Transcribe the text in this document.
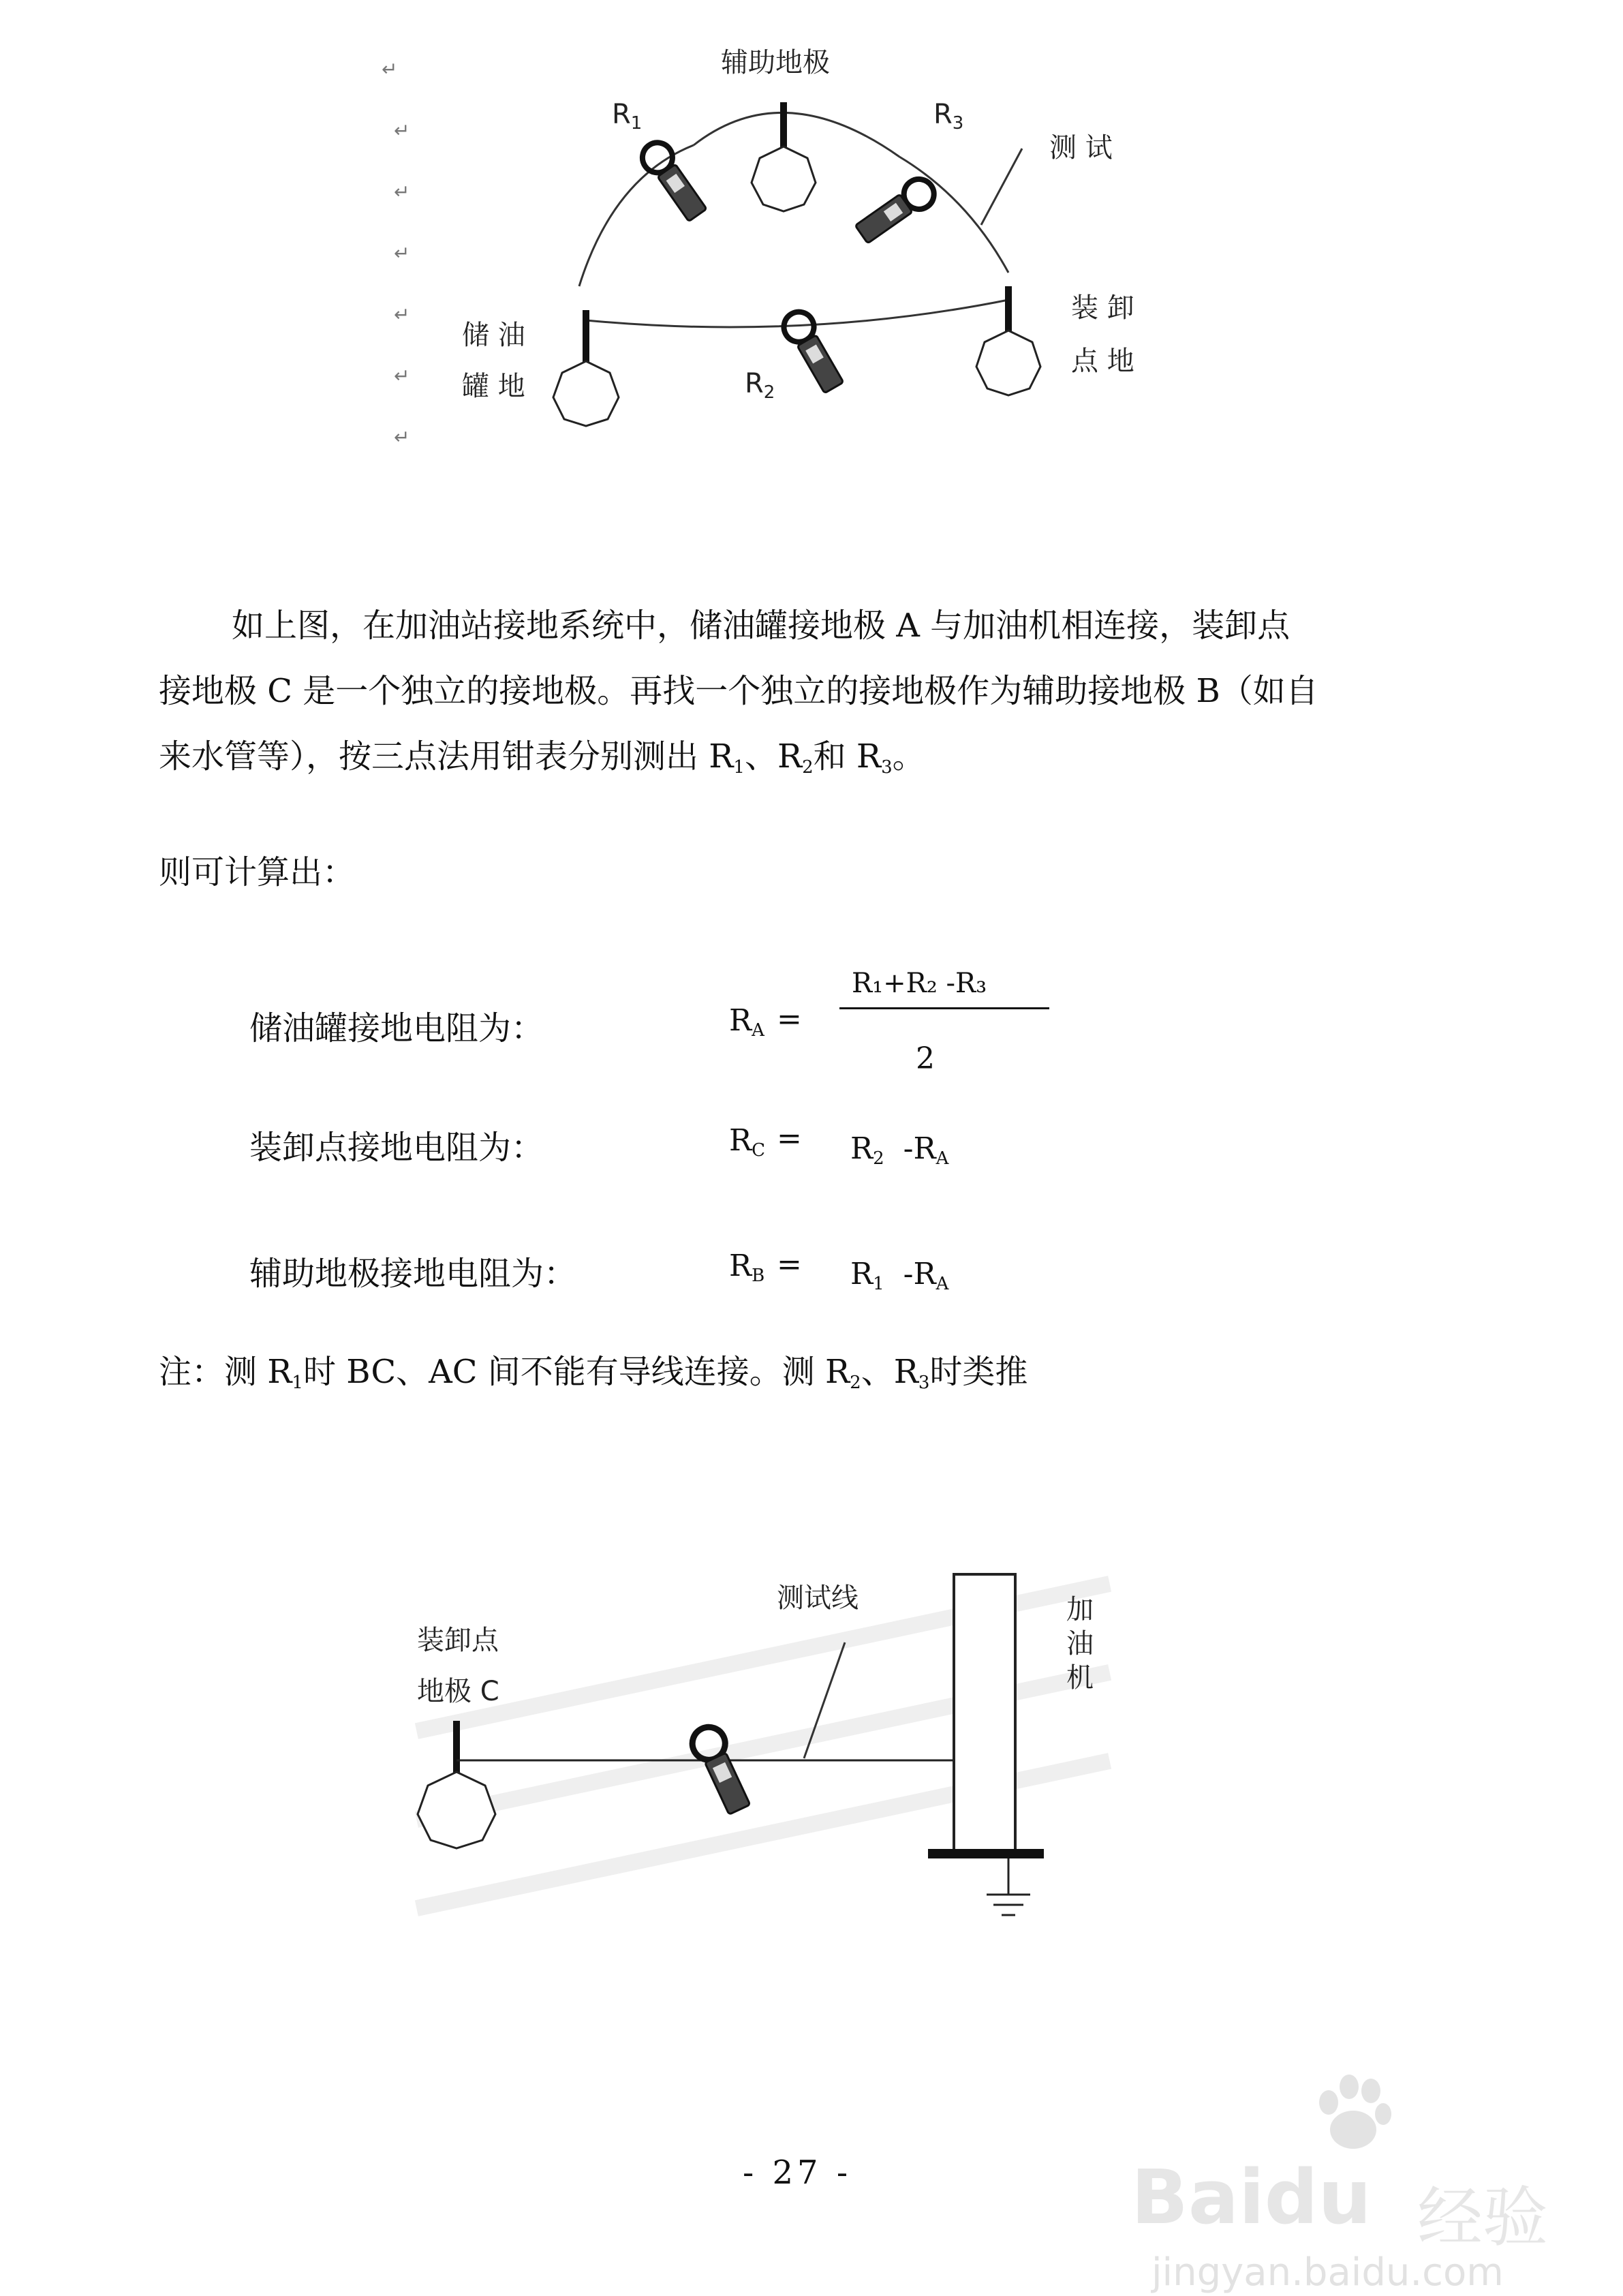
辅助地极
$R_1$	$R_3$
测 试
储 油
罐 地
装 卸
点 地
$R_2$
↵
↵
↵
↵
↵
↵
↵
如上图，在加油站接地系统中，储油罐接地极 A 与加油机相连接，装卸点
接地极 C 是一个独立的接地极。再找一个独立的接地极作为辅助接地极 B（如自
来水管等），按三点法用钳表分别测出 $R_1$、$R_2$和 $R_3$。
则可计算出：
储油罐接地电阻为：	$R_A$ =
R₁+R₂ -R₃
2
装卸点接地电阻为：	$R_C = R_2$ $-R_A$
辅助地极接地电阻为：	$R_B = R_1$ $-R_A$
注：测 $R_1$时 BC、AC 间不能有导线连接。测 $R_2$、$R_3$时类推
装卸点
地极 C
测试线	加
油
机
- 27 -	Baidu 经验
jingyan.baidu.com
